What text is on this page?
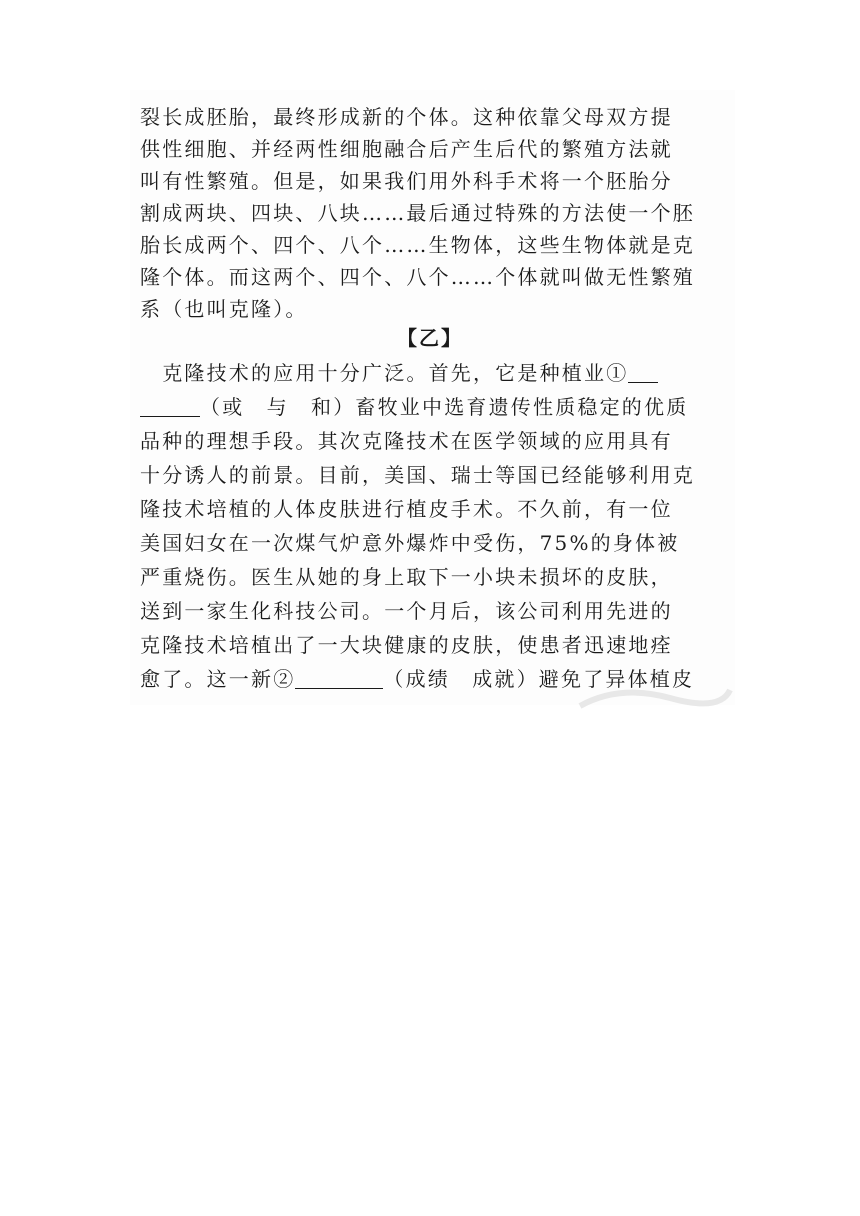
裂长成胚胎，最终形成新的个体。这种依靠父母双方提
供性细胞、并经两性细胞融合后产生后代的繁殖方法就
叫有性繁殖。但是，如果我们用外科手术将一个胚胎分
割成两块、四块、八块……最后通过特殊的方法使一个胚
胎长成两个、四个、八个……生物体，这些生物体就是克
隆个体。而这两个、四个、八个……个体就叫做无性繁殖
系（也叫克隆）。
【乙】
　克隆技术的应用十分广泛。首先，它是种植业①
（或　与　和）畜牧业中选育遗传性质稳定的优质
品种的理想手段。其次克隆技术在医学领域的应用具有
十分诱人的前景。目前，美国、瑞士等国已经能够利用克
隆技术培植的人体皮肤进行植皮手术。不久前，有一位
美国妇女在一次煤气炉意外爆炸中受伤，75%的身体被
严重烧伤。医生从她的身上取下一小块未损坏的皮肤，
送到一家生化科技公司。一个月后，该公司利用先进的
克隆技术培植出了一大块健康的皮肤，使患者迅速地痊
愈了。这一新②	（成绩　成就）避免了异体植皮
